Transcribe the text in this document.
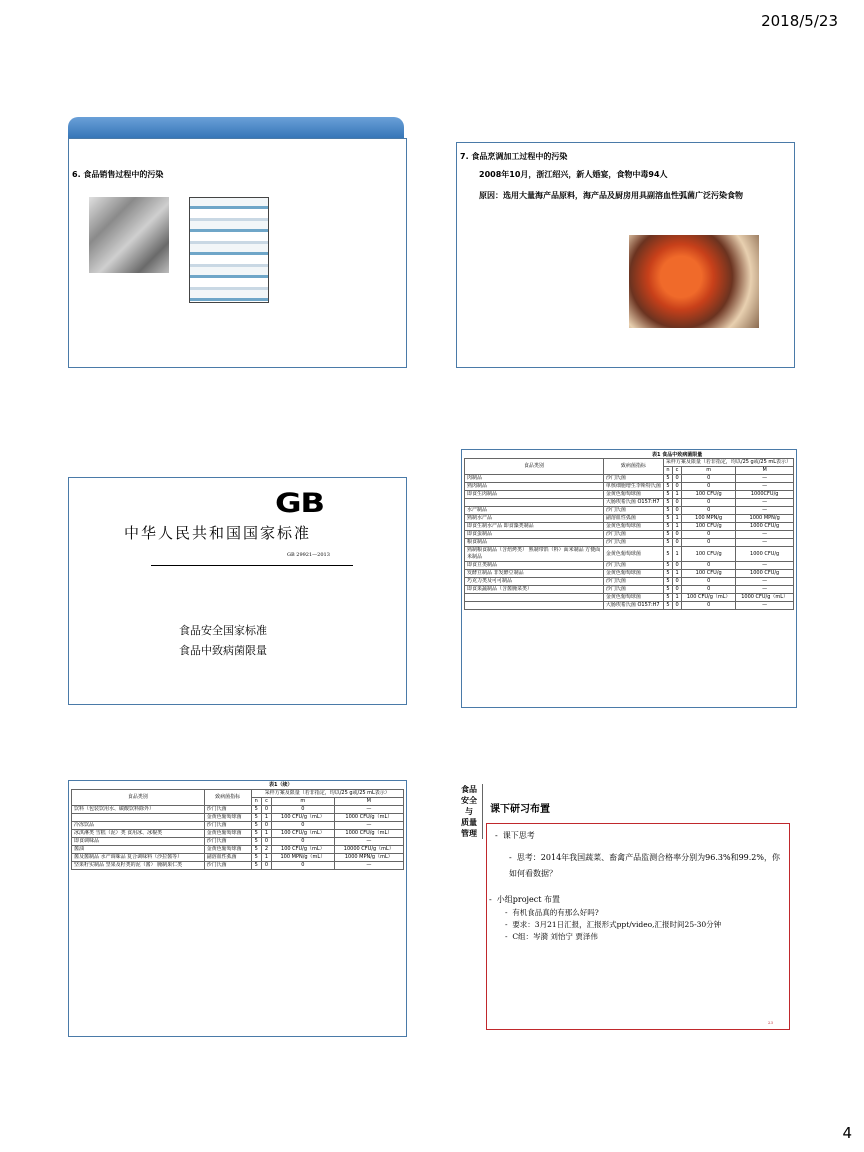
2018/5/23
6. 食品销售过程中的污染
7. 食品烹调加工过程中的污染
2008年10月，浙江绍兴，新人婚宴，食物中毒94人
原因：选用大量海产品原料，海产品及厨房用具副溶血性弧菌广泛污染食物
GB
中华人民共和国国家标准
GB 29921—2013
食品安全国家标准
食品中致病菌限量
表1 食品中致病菌限量
食品类别	致病菌指标	采样方案及限量（若非指定，均以/25 g或/25 mL表示）			
		n	c	m	M
肉制品	沙门氏菌	5	0	0	—
熟肉制品	单核细胞增生李斯特氏菌	5	0	0	—
即食生肉制品	金黄色葡萄球菌	5	1	100 CFU/g	1000CFU/g
	大肠埃希氏菌 O157:H7	5	0	0	—
水产制品	沙门氏菌	5	0	0	—
熟制水产品	副溶血性弧菌	5	1	100 MPN/g	1000 MPN/g
即食生制水产品 即食藻类制品	金黄色葡萄球菌	5	1	100 CFU/g	1000 CFU/g
即食蛋制品	沙门氏菌	5	0	0	—
粮食制品	沙门氏菌	5	0	0	—
熟制粮食制品（含焙烤类） 熟制带馅（料）面米制品 方便面米制品	金黄色葡萄球菌	5	1	100 CFU/g	1000 CFU/g
即食豆类制品	沙门氏菌	5	0	0	—
发酵豆制品 非发酵豆制品	金黄色葡萄球菌	5	1	100 CFU/g	1000 CFU/g
巧克力类及可可制品	沙门氏菌	5	0	0	—
即食果蔬制品（含酱腌菜类）	沙门氏菌	5	0	0	—
	金黄色葡萄球菌	5	1	100 CFU/g（mL）	1000 CFU/g（mL）
	大肠埃希氏菌 O157:H7	5	0	0	—
表1（续）
食品类别	致病菌指标	采样方案及限量（若非指定，均以/25 g或/25 mL表示）			
		n	c	m	M
饮料（包装饮用水、碳酸饮料除外）	沙门氏菌	5	0	0	—
	金黄色葡萄球菌	5	1	100 CFU/g（mL）	1000 CFU/g（mL）
冷冻饮品	沙门氏菌	5	0	0	—
冰淇淋类 雪糕（泥）类 食用冰、冰棍类	金黄色葡萄球菌	5	1	100 CFU/g（mL）	1000 CFU/g（mL）
即食调味品	沙门氏菌	5	0	0	—
酱油	金黄色葡萄球菌	5	2	100 CFU/g（mL）	10000 CFU/g（mL）
酱及酱制品 水产调味品 复合调味料（沙拉酱等）	副溶血性弧菌	5	1	100 MPN/g（mL）	1000 MPN/g（mL）
坚果籽实制品 坚果及籽类的泥（酱） 腌制果仁类	沙门氏菌	5	0	0	—
食品
安全
与
质量
管理
课下研习布置
-  课下思考
-  思考：2014年我国蔬菜、畜禽产品监测合格率分别为96.3%和99.2%，你如何看数据？
-  小组project 布置
-  有机食品真的有那么好吗?
-  要求：3月21日汇报，汇报形式ppt/video,汇报时间25-30分钟
-  C组：岑漪 刘怡宁 贾泽伟
23
4
